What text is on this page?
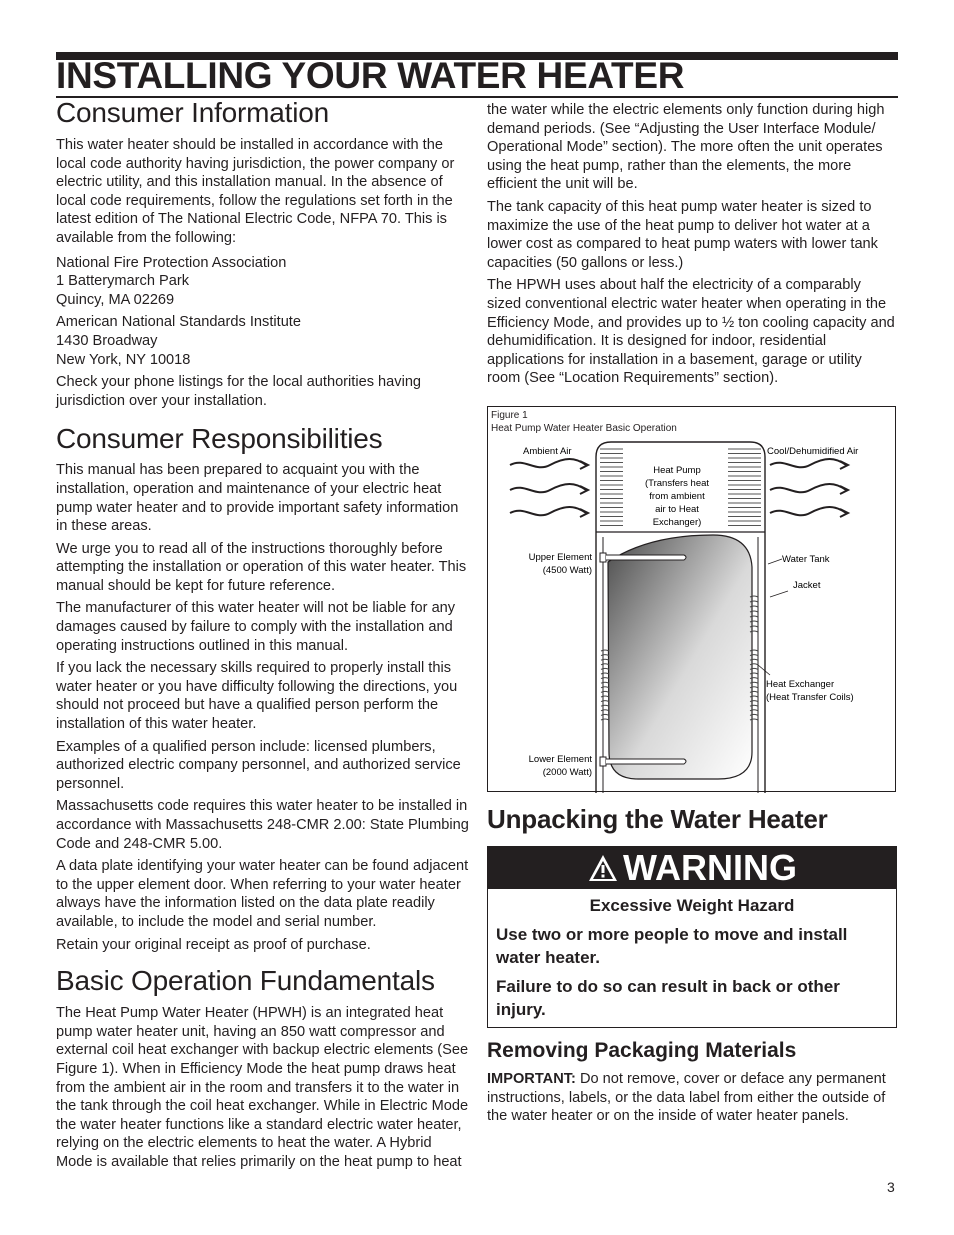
INSTALLING YOUR WATER HEATER
Consumer Information

This water heater should be installed in accordance with the local code authority having jurisdiction, the power company or electric utility, and this installation manual. In the absence of local code requirements, follow the regulations set forth in the latest edition of The National Electric Code, NFPA 70. This is available from the following:

National Fire Protection Association

1 Batterymarch Park

Quincy, MA 02269

American National Standards Institute

1430 Broadway

New York, NY 10018

Check your phone listings for the local authorities having jurisdiction over your installation.

Consumer Responsibilities

This manual has been prepared to acquaint you with the installation, operation and maintenance of your electric heat pump water heater and to provide important safety information in these areas.

We urge you to read all of the instructions thoroughly before attempting the installation or operation of this water heater. This manual should be kept for future reference.

The manufacturer of this water heater will not be liable for any damages caused by failure to comply with the installation and operating instructions outlined in this manual.

If you lack the necessary skills required to properly install this water heater or you have difficulty following the directions, you should not proceed but have a qualified person perform the installation of this water heater.

Examples of a qualified person include: licensed plumbers, authorized electric company personnel, and authorized service personnel.

Massachusetts code requires this water heater to be installed in accordance with Massachusetts 248-CMR 2.00: State Plumbing Code and 248-CMR 5.00.

A data plate identifying your water heater can be found adjacent to the upper element door. When referring to your water heater always have the information listed on the data plate readily available, to include the model and serial number.

Retain your original receipt as proof of purchase.

Basic Operation Fundamentals

The Heat Pump Water Heater (HPWH) is an integrated heat pump water heater unit, having an 850 watt compressor and external coil heat exchanger with backup electric elements (See Figure 1). When in Efficiency Mode the heat pump draws heat from the ambient air in the room and transfers it to the water in the tank through the coil heat exchanger. While in Electric Mode the water heater functions like a standard electric water heater, relying on the electric elements to heat the water. A Hybrid Mode is available that relies primarily on the heat pump to heat

the water while the electric elements only function during high demand periods. (See “Adjusting the User Interface Module/ Operational Mode” section). The more often the unit operates using the heat pump, rather than the elements, the more efficient the unit will be.

The tank capacity of this heat pump water heater is sized to maximize the use of the heat pump to deliver hot water at a lower cost as compared to heat pump waters with lower tank capacities (50 gallons or less.)

The HPWH uses about half the electricity of a comparably sized conventional electric water heater when operating in the Efficiency Mode, and provides up to ½ ton cooling capacity and dehumidification. It is designed for indoor, residential applications for installation in a basement, garage or utility room (See “Location Requirements” section).

Ambient Air	Cool/Dehumidified Air
Heat Pump
(Transfers heat
from ambient
air to Heat
Exchanger)
Upper Element
(4500 Watt)
Water Tank
Jacket
Heat Exchanger
(Heat Transfer Coils)
Lower Element
(2000 Watt)
Figure 1
Heat Pump Water Heater Basic Operation
Unpacking the Water Heater
WARNING
Excessive Weight Hazard

Use two or more people to move and install water heater.

Failure to do so can result in back or other injury.

Removing Packaging Materials

IMPORTANT: Do not remove, cover or deface any permanent instructions, labels, or the data label from either the outside of the water heater or on the inside of water heater panels.

3
